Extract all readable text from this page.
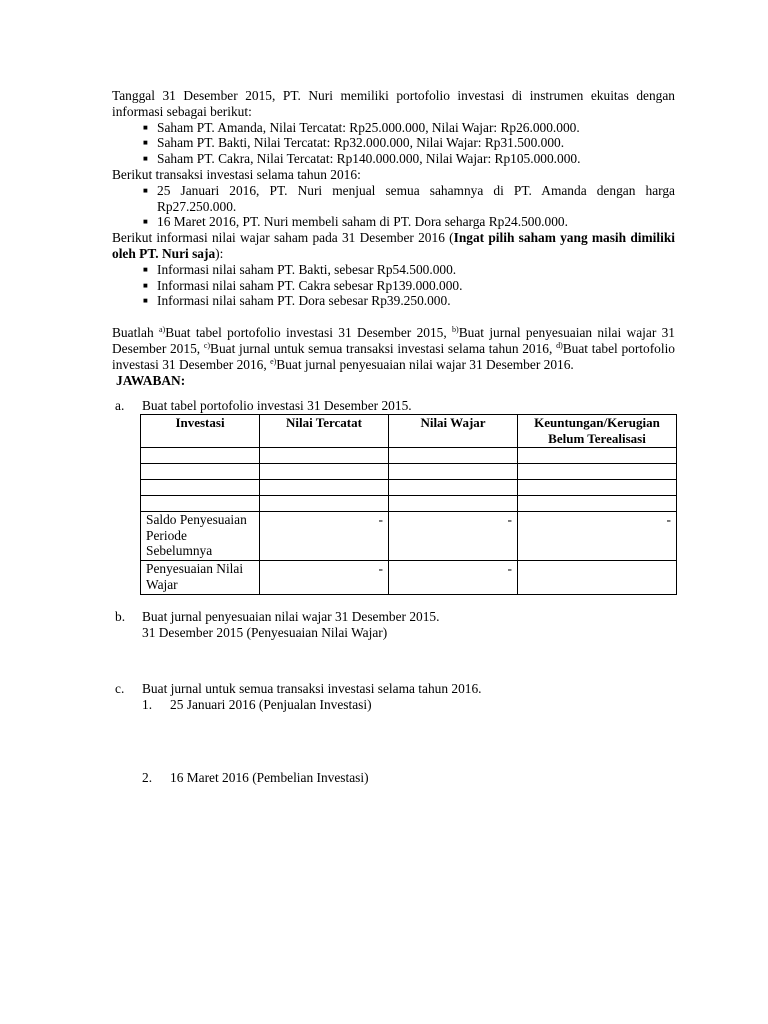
Tanggal 31 Desember 2015, PT. Nuri memiliki portofolio investasi di instrumen ekuitas dengan informasi sebagai berikut:

■ Saham PT. Amanda, Nilai Tercatat: Rp25.000.000, Nilai Wajar: Rp26.000.000.
■ Saham PT. Bakti, Nilai Tercatat: Rp32.000.000, Nilai Wajar: Rp31.500.000.
■ Saham PT. Cakra, Nilai Tercatat: Rp140.000.000, Nilai Wajar: Rp105.000.000.

Berikut transaksi investasi selama tahun 2016:

■ 25 Januari 2016, PT. Nuri menjual semua sahamnya di PT. Amanda dengan harga Rp27.250.000.
■ 16 Maret 2016, PT. Nuri membeli saham di PT. Dora seharga Rp24.500.000.

Berikut informasi nilai wajar saham pada 31 Desember 2016 (Ingat pilih saham yang masih dimiliki oleh PT. Nuri saja):

■ Informasi nilai saham PT. Bakti, sebesar Rp54.500.000.
■ Informasi nilai saham PT. Cakra sebesar Rp139.000.000.
■ Informasi nilai saham PT. Dora sebesar Rp39.250.000.

Buatlah $^{a)}$Buat tabel portofolio investasi 31 Desember 2015, $^{b)}$Buat jurnal penyesuaian nilai wajar 31 Desember 2015, $^{c)}$Buat jurnal untuk semua transaksi investasi selama tahun 2016, $^{d)}$Buat tabel portofolio investasi 31 Desember 2016, $^{e)}$Buat jurnal penyesuaian nilai wajar 31 Desember 2016.

JAWABAN:

a. Buat tabel portofolio investasi 31 Desember 2015.
Investasi	Nilai Tercatat	Nilai Wajar	Keuntungan/Kerugian Belum Terealisasi

Saldo Penyesuaian Periode Sebelumnya	-	-	-
Penyesuaian Nilai Wajar	-	-	
b. Buat jurnal penyesuaian nilai wajar 31 Desember 2015.
31 Desember 2015 (Penyesuaian Nilai Wajar)
c. Buat jurnal untuk semua transaksi investasi selama tahun 2016.
1. 25 Januari 2016 (Penjualan Investasi)
2. 16 Maret 2016 (Pembelian Investasi)
